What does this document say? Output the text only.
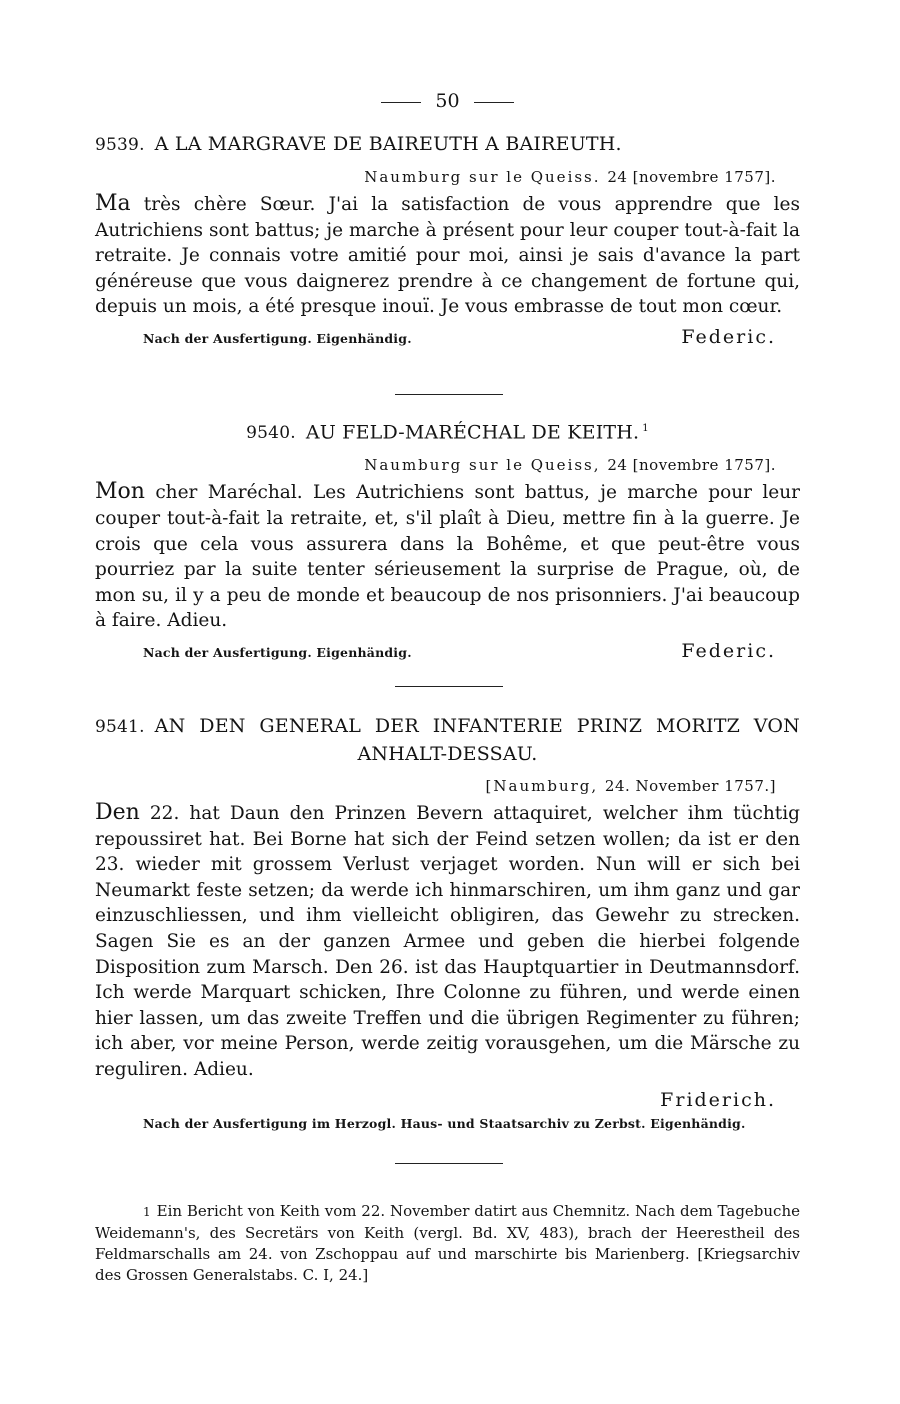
50
9539. A LA MARGRAVE DE BAIREUTH A BAIREUTH.
Naumburg sur le Queiss. 24 [novembre 1757].
Ma très chère Sœur. J'ai la satisfaction de vous apprendre que les Autrichiens sont battus; je marche à présent pour leur couper tout-à-fait la retraite. Je connais votre amitié pour moi, ainsi je sais d'avance la part généreuse que vous daignerez prendre à ce changement de fortune qui, depuis un mois, a été presque inouï. Je vous embrasse de tout mon cœur.
Nach der Ausfertigung. Eigenhändig.	Federic.
9540. AU FELD-MARÉCHAL DE KEITH. $^1$
Naumburg sur le Queiss, 24 [novembre 1757].
Mon cher Maréchal. Les Autrichiens sont battus, je marche pour leur couper tout-à-fait la retraite, et, s'il plaît à Dieu, mettre fin à la guerre. Je crois que cela vous assurera dans la Bohême, et que peut-être vous pourriez par la suite tenter sérieusement la surprise de Prague, où, de mon su, il y a peu de monde et beaucoup de nos prisonniers. J'ai beaucoup à faire. Adieu.
Nach der Ausfertigung. Eigenhändig.	Federic.
9541. AN DEN GENERAL DER INFANTERIE PRINZ MORITZ VON ANHALT-DESSAU.
[Naumburg, 24. November 1757.]
Den 22. hat Daun den Prinzen Bevern attaquiret, welcher ihm tüchtig repoussiret hat. Bei Borne hat sich der Feind setzen wollen; da ist er den 23. wieder mit grossem Verlust verjaget worden. Nun will er sich bei Neumarkt feste setzen; da werde ich hinmarschiren, um ihm ganz und gar einzuschliessen, und ihm vielleicht obligiren, das Gewehr zu strecken. Sagen Sie es an der ganzen Armee und geben die hierbei folgende Disposition zum Marsch. Den 26. ist das Hauptquartier in Deutmannsdorf. Ich werde Marquart schicken, Ihre Colonne zu führen, und werde einen hier lassen, um das zweite Treffen und die übrigen Regimenter zu führen; ich aber, vor meine Person, werde zeitig vorausgehen, um die Märsche zu reguliren. Adieu.
Friderich.
Nach der Ausfertigung im Herzogl. Haus- und Staatsarchiv zu Zerbst. Eigenhändig.
1 Ein Bericht von Keith vom 22. November datirt aus Chemnitz. Nach dem Tagebuche Weidemann's, des Secretärs von Keith (vergl. Bd. XV, 483), brach der Heerestheil des Feldmarschalls am 24. von Zschoppau auf und marschirte bis Marienberg. [Kriegsarchiv des Grossen Generalstabs. C. I, 24.]
